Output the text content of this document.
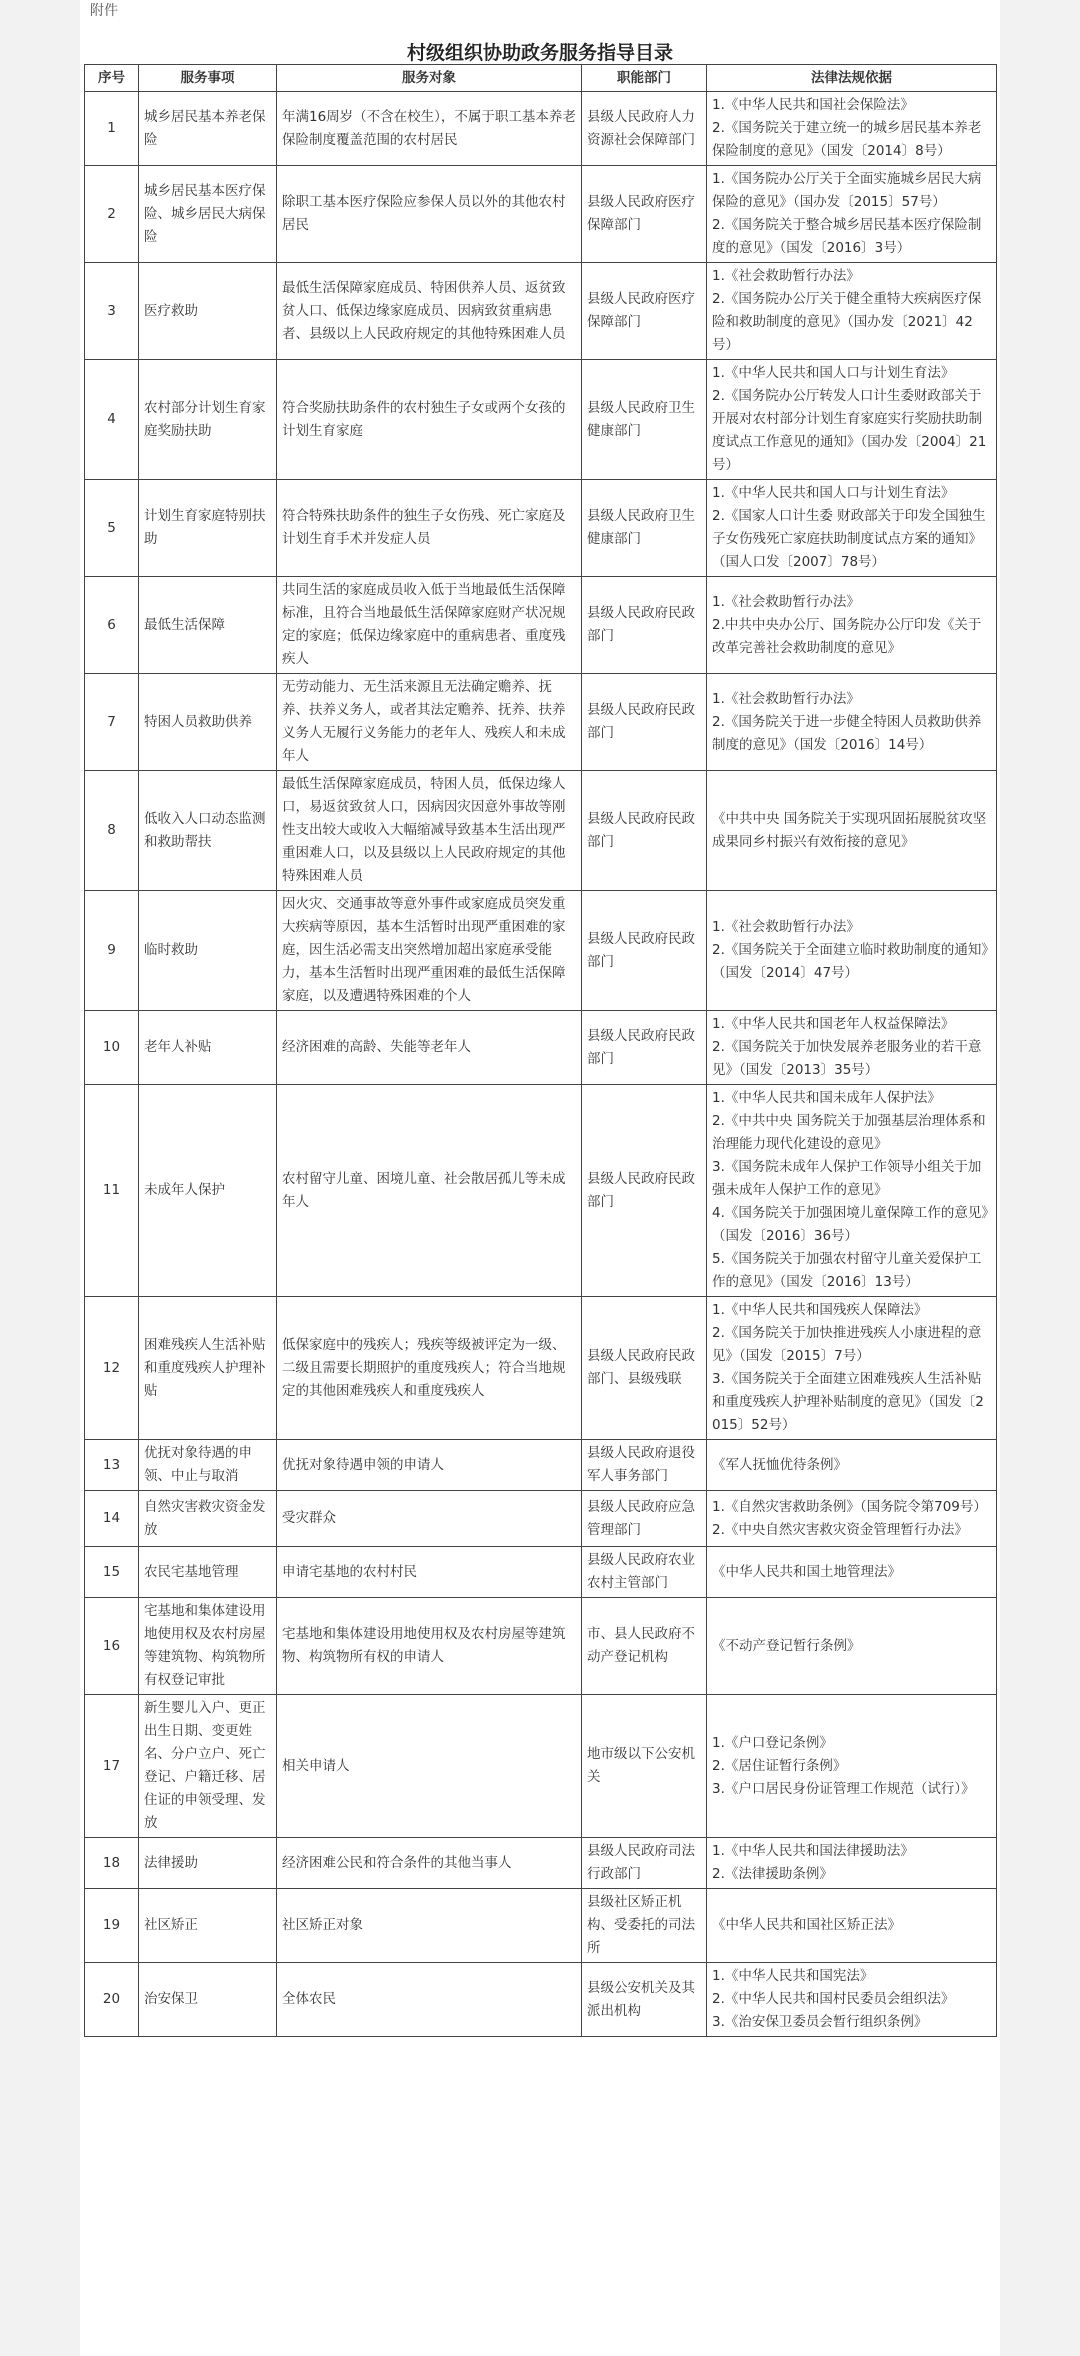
附件
村级组织协助政务服务指导目录
序号	服务事项	服务对象	职能部门	法律法规依据
1	城乡居民基本养老保险	年满16周岁（不含在校生），不属于职工基本养老保险制度覆盖范围的农村居民	县级人民政府人力资源社会保障部门	1.《中华人民共和国社会保险法》
2.《国务院关于建立统一的城乡居民基本养老保险制度的意见》（国发〔2014〕8号）

2	城乡居民基本医疗保险、城乡居民大病保险	除职工基本医疗保险应参保人员以外的其他农村居民	县级人民政府医疗保障部门	1.《国务院办公厅关于全面实施城乡居民大病保险的意见》（国办发〔2015〕57号）
2.《国务院关于整合城乡居民基本医疗保险制度的意见》（国发〔2016〕3号）

3	医疗救助	最低生活保障家庭成员、特困供养人员、返贫致贫人口、低保边缘家庭成员、因病致贫重病患者、县级以上人民政府规定的其他特殊困难人员	县级人民政府医疗保障部门	1.《社会救助暂行办法》
2.《国务院办公厅关于健全重特大疾病医疗保险和救助制度的意见》（国办发〔2021〕42号）

4	农村部分计划生育家庭奖励扶助	符合奖励扶助条件的农村独生子女或两个女孩的计划生育家庭	县级人民政府卫生健康部门	1.《中华人民共和国人口与计划生育法》
2.《国务院办公厅转发人口计生委财政部关于开展对农村部分计划生育家庭实行奖励扶助制度试点工作意见的通知》（国办发〔2004〕21号）

5	计划生育家庭特别扶助	符合特殊扶助条件的独生子女伤残、死亡家庭及计划生育手术并发症人员	县级人民政府卫生健康部门	1.《中华人民共和国人口与计划生育法》
2.《国家人口计生委 财政部关于印发全国独生子女伤残死亡家庭扶助制度试点方案的通知》（国人口发〔2007〕78号）

6	最低生活保障	共同生活的家庭成员收入低于当地最低生活保障标准，且符合当地最低生活保障家庭财产状况规定的家庭；低保边缘家庭中的重病患者、重度残疾人	县级人民政府民政部门	1.《社会救助暂行办法》
2.中共中央办公厅、国务院办公厅印发《关于改革完善社会救助制度的意见》

7	特困人员救助供养	无劳动能力、无生活来源且无法确定赡养、抚养、扶养义务人，或者其法定赡养、抚养、扶养义务人无履行义务能力的老年人、残疾人和未成年人	县级人民政府民政部门	1.《社会救助暂行办法》
2.《国务院关于进一步健全特困人员救助供养制度的意见》（国发〔2016〕14号）

8	低收入人口动态监测和救助帮扶	最低生活保障家庭成员，特困人员，低保边缘人口，易返贫致贫人口，因病因灾因意外事故等刚性支出较大或收入大幅缩减导致基本生活出现严重困难人口，以及县级以上人民政府规定的其他特殊困难人员	县级人民政府民政部门	《中共中央 国务院关于实现巩固拓展脱贫攻坚成果同乡村振兴有效衔接的意见》

9	临时救助	因火灾、交通事故等意外事件或家庭成员突发重大疾病等原因，基本生活暂时出现严重困难的家庭，因生活必需支出突然增加超出家庭承受能力，基本生活暂时出现严重困难的最低生活保障家庭，以及遭遇特殊困难的个人	县级人民政府民政部门	1.《社会救助暂行办法》
2.《国务院关于全面建立临时救助制度的通知》（国发〔2014〕47号）

10	老年人补贴	经济困难的高龄、失能等老年人	县级人民政府民政部门	1.《中华人民共和国老年人权益保障法》
2.《国务院关于加快发展养老服务业的若干意见》（国发〔2013〕35号）

11	未成年人保护	农村留守儿童、困境儿童、社会散居孤儿等未成年人	县级人民政府民政部门	1.《中华人民共和国未成年人保护法》
2.《中共中央 国务院关于加强基层治理体系和治理能力现代化建设的意见》
3.《国务院未成年人保护工作领导小组关于加强未成年人保护工作的意见》
4.《国务院关于加强困境儿童保障工作的意见》（国发〔2016〕36号）
5.《国务院关于加强农村留守儿童关爱保护工作的意见》（国发〔2016〕13号）

12	困难残疾人生活补贴和重度残疾人护理补贴	低保家庭中的残疾人；残疾等级被评定为一级、二级且需要长期照护的重度残疾人；符合当地规定的其他困难残疾人和重度残疾人	县级人民政府民政部门、县级残联	1.《中华人民共和国残疾人保障法》
2.《国务院关于加快推进残疾人小康进程的意见》（国发〔2015〕7号）
3.《国务院关于全面建立困难残疾人生活补贴和重度残疾人护理补贴制度的意见》（国发〔2015〕52号）

13	优抚对象待遇的申领、中止与取消	优抚对象待遇申领的申请人	县级人民政府退役军人事务部门	《军人抚恤优待条例》

14	自然灾害救灾资金发放	受灾群众	县级人民政府应急管理部门	1.《自然灾害救助条例》（国务院令第709号）
2.《中央自然灾害救灾资金管理暂行办法》

15	农民宅基地管理	申请宅基地的农村村民	县级人民政府农业农村主管部门	《中华人民共和国土地管理法》

16	宅基地和集体建设用地使用权及农村房屋等建筑物、构筑物所有权登记审批	宅基地和集体建设用地使用权及农村房屋等建筑物、构筑物所有权的申请人	市、县人民政府不动产登记机构	《不动产登记暂行条例》

17	新生婴儿入户、更正出生日期、变更姓名、分户立户、死亡登记、户籍迁移、居住证的申领受理、发放	相关申请人	地市级以下公安机关	1.《户口登记条例》
2.《居住证暂行条例》
3.《户口居民身份证管理工作规范（试行）》

18	法律援助	经济困难公民和符合条件的其他当事人	县级人民政府司法行政部门	1.《中华人民共和国法律援助法》
2.《法律援助条例》

19	社区矫正	社区矫正对象	县级社区矫正机构、受委托的司法所	《中华人民共和国社区矫正法》

20	治安保卫	全体农民	县级公安机关及其派出机构	1.《中华人民共和国宪法》
2.《中华人民共和国村民委员会组织法》
3.《治安保卫委员会暂行组织条例》
